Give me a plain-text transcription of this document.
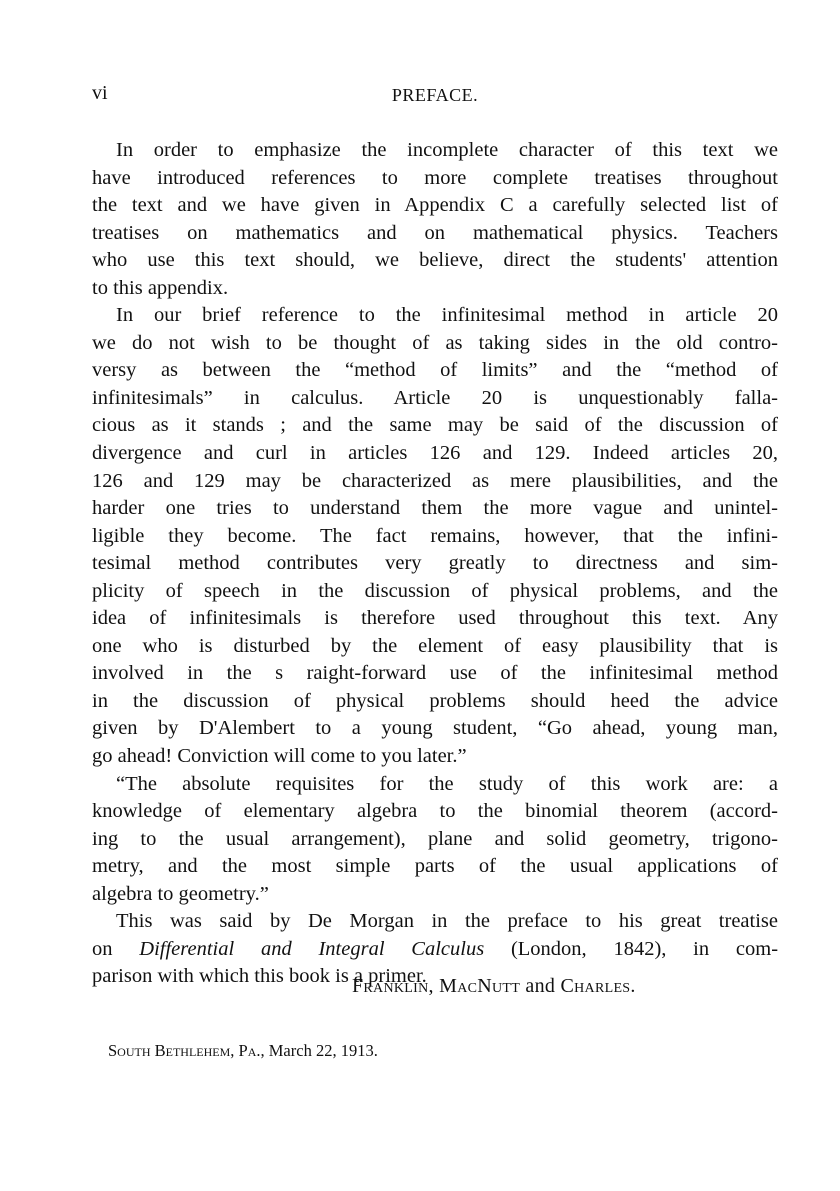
vi	PREFACE.
In order to emphasize the incomplete character of this text we
have introduced references to more complete treatises throughout
the text and we have given in Appendix C a carefully selected list of
treatises on mathematics and on mathematical physics. Teachers
who use this text should, we believe, direct the students' attention
to this appendix.
In our brief reference to the infinitesimal method in article 20
we do not wish to be thought of as taking sides in the old contro-
versy as between the “method of limits” and the “method of
infinitesimals” in calculus. Article 20 is unquestionably falla-
cious as it stands ; and the same may be said of the discussion of
divergence and curl in articles 126 and 129. Indeed articles 20,
126 and 129 may be characterized as mere plausibilities, and the
harder one tries to understand them the more vague and unintel-
ligible they become. The fact remains, however, that the infini-
tesimal method contributes very greatly to directness and sim-
plicity of speech in the discussion of physical problems, and the
idea of infinitesimals is therefore used throughout this text. Any
one who is disturbed by the element of easy plausibility that is
involved in the s raight-forward use of the infinitesimal method
in the discussion of physical problems should heed the advice
given by D'Alembert to a young student, “Go ahead, young man,
go ahead! Conviction will come to you later.”
“The absolute requisites for the study of this work are: a
knowledge of elementary algebra to the binomial theorem (accord-
ing to the usual arrangement), plane and solid geometry, trigono-
metry, and the most simple parts of the usual applications of
algebra to geometry.”
This was said by De Morgan in the preface to his great treatise
on Differential and Integral Calculus (London, 1842), in com-
parison with which this book is a primer.
Franklin, MacNutt and Charles.
South Bethlehem, Pa., March 22, 1913.
